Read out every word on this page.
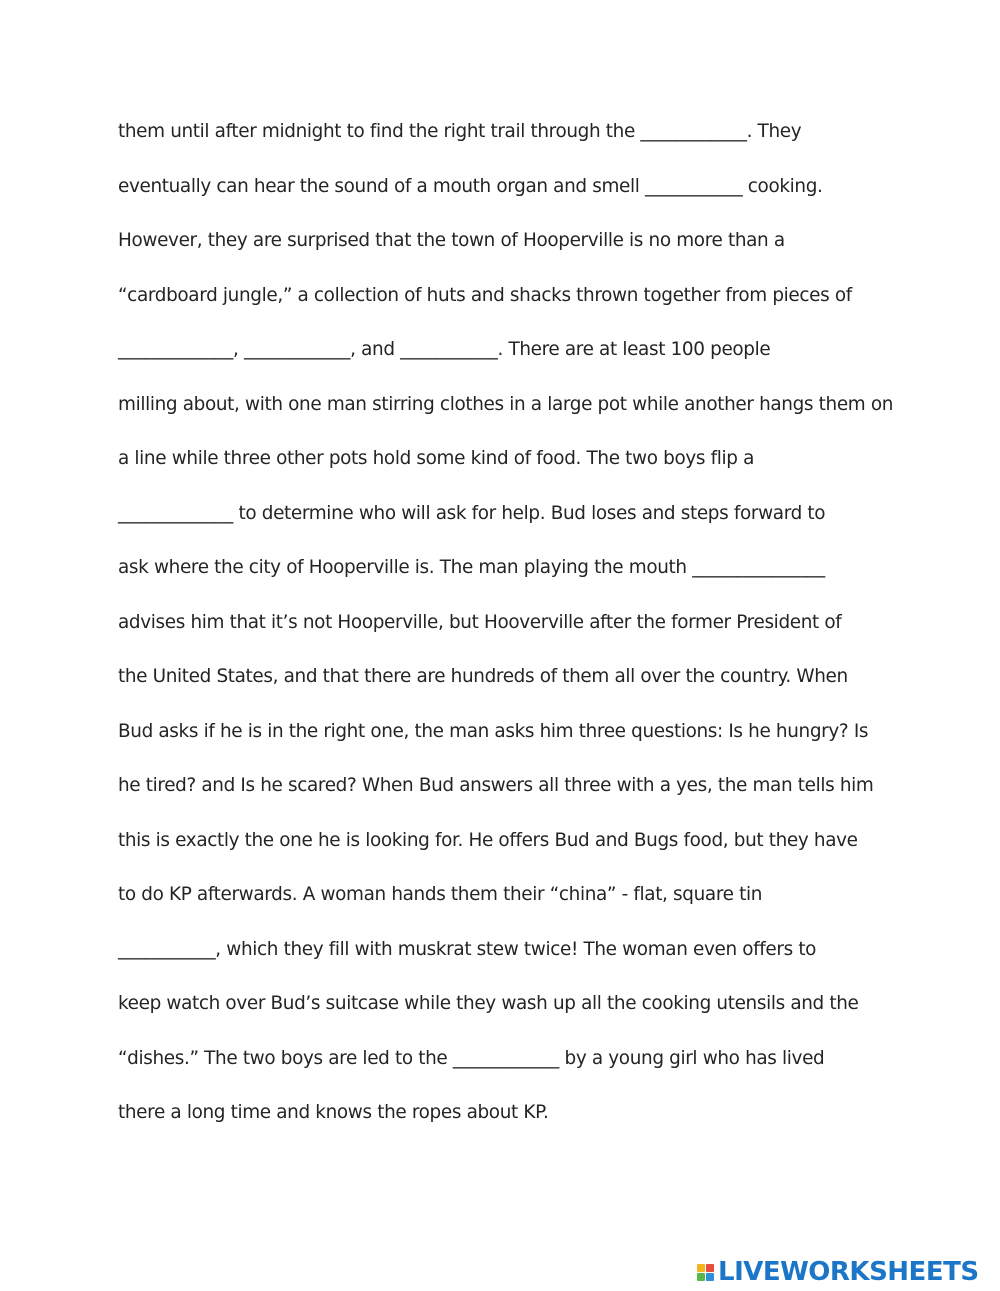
them until after midnight to find the right trail through the ____________. They
eventually can hear the sound of a mouth organ and smell ___________ cooking.
However, they are surprised that the town of Hooperville is no more than a
“cardboard jungle,” a collection of huts and shacks thrown together from pieces of
_____________, ____________, and ___________. There are at least 100 people
milling about, with one man stirring clothes in a large pot while another hangs them on
a line while three other pots hold some kind of food. The two boys flip a
_____________ to determine who will ask for help. Bud loses and steps forward to
ask where the city of Hooperville is. The man playing the mouth _______________
advises him that it’s not Hooperville, but Hooverville after the former President of
the United States, and that there are hundreds of them all over the country. When
Bud asks if he is in the right one, the man asks him three questions: Is he hungry? Is
he tired? and Is he scared? When Bud answers all three with a yes, the man tells him
this is exactly the one he is looking for. He offers Bud and Bugs food, but they have
to do KP afterwards. A woman hands them their “china” - flat, square tin
___________, which they fill with muskrat stew twice! The woman even offers to
keep watch over Bud’s suitcase while they wash up all the cooking utensils and the
“dishes.” The two boys are led to the ____________ by a young girl who has lived
there a long time and knows the ropes about KP.
LIVEWORKSHEETS
